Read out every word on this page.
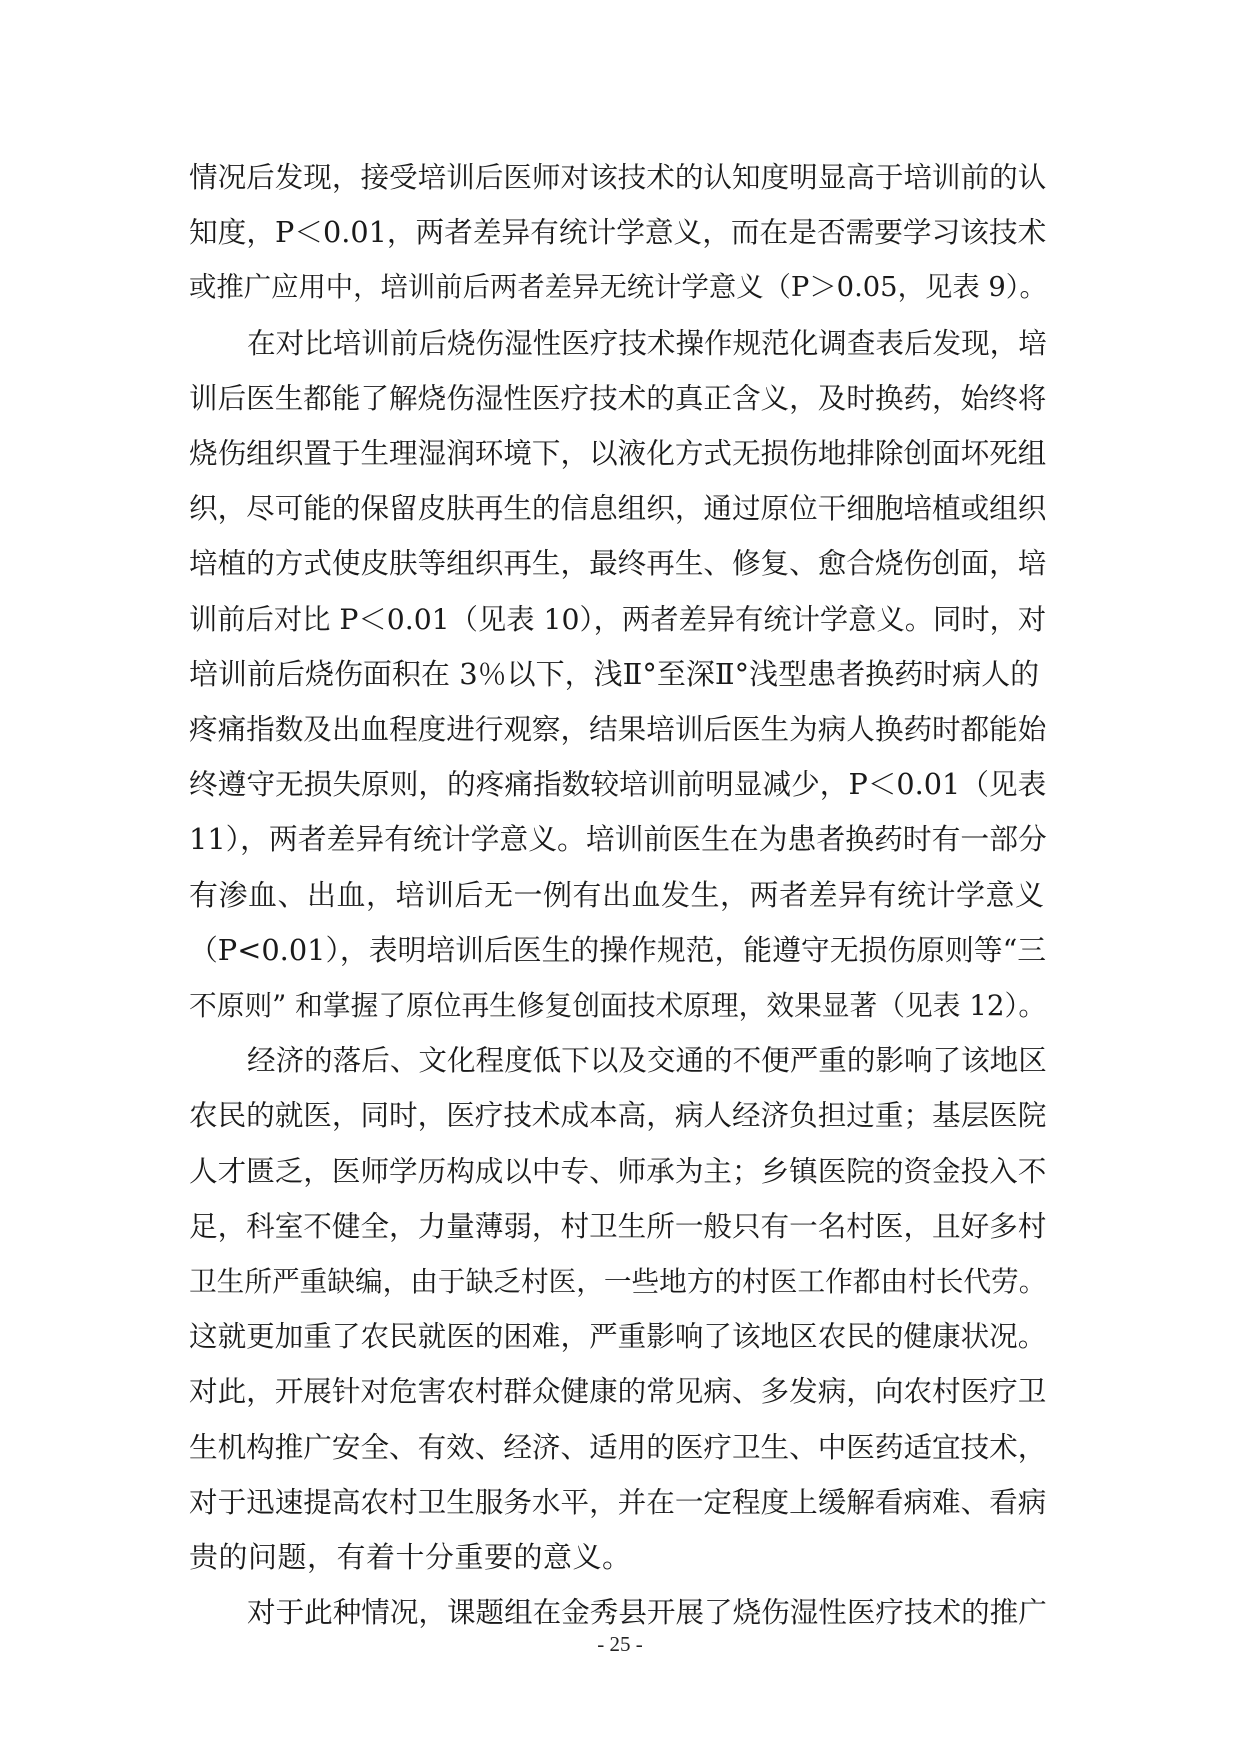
情况后发现，接受培训后医师对该技术的认知度明显高于培训前的认
知度，P＜0.01，两者差异有统计学意义，而在是否需要学习该技术
或推广应用中，培训前后两者差异无统计学意义（P＞0.05，见表 9）。

在对比培训前后烧伤湿性医疗技术操作规范化调查表后发现，培
训后医生都能了解烧伤湿性医疗技术的真正含义，及时换药，始终将
烧伤组织置于生理湿润环境下，以液化方式无损伤地排除创面坏死组
织，尽可能的保留皮肤再生的信息组织，通过原位干细胞培植或组织
培植的方式使皮肤等组织再生，最终再生、修复、愈合烧伤创面，培
训前后对比 P＜0.01（见表 10），两者差异有统计学意义。同时，对
培训前后烧伤面积在 3％以下，浅Ⅱ°至深Ⅱ°浅型患者换药时病人的
疼痛指数及出血程度进行观察，结果培训后医生为病人换药时都能始
终遵守无损失原则，的疼痛指数较培训前明显减少，P＜0.01（见表
11），两者差异有统计学意义。培训前医生在为患者换药时有一部分
有渗血、出血，培训后无一例有出血发生，两者差异有统计学意义
（P<0.01），表明培训后医生的操作规范，能遵守无损伤原则等“三
不原则” 和掌握了原位再生修复创面技术原理，效果显著（见表 12）。

经济的落后、文化程度低下以及交通的不便严重的影响了该地区
农民的就医，同时，医疗技术成本高，病人经济负担过重；基层医院
人才匮乏，医师学历构成以中专、师承为主；乡镇医院的资金投入不
足，科室不健全，力量薄弱，村卫生所一般只有一名村医，且好多村
卫生所严重缺编，由于缺乏村医，一些地方的村医工作都由村长代劳。
这就更加重了农民就医的困难，严重影响了该地区农民的健康状况。
对此，开展针对危害农村群众健康的常见病、多发病，向农村医疗卫
生机构推广安全、有效、经济、适用的医疗卫生、中医药适宜技术，
对于迅速提高农村卫生服务水平，并在一定程度上缓解看病难、看病
贵的问题，有着十分重要的意义。

对于此种情况，课题组在金秀县开展了烧伤湿性医疗技术的推广

- 25 -
